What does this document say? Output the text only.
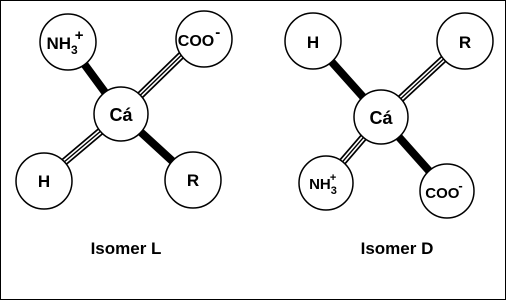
$NH_3+$	COO-
Cá
H	R
Isomer L
H	R
Cá
$NH_3+$
COO-
Isomer D
